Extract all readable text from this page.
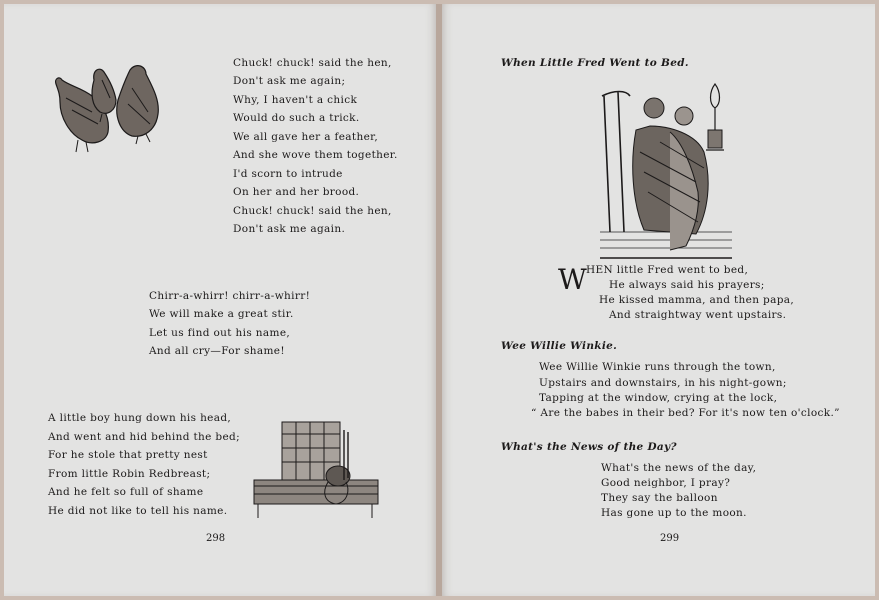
Chuck! chuck! said the hen,
Don't ask me again;
Why, I haven't a chick
Would do such a trick.
We all gave her a feather,
And she wove them together.
I'd scorn to intrude
On her and her brood.
Chuck! chuck! said the hen,
Don't ask me again.
Chirr-a-whirr! chirr-a-whirr!
We will make a great stir.
Let us find out his name,
And all cry—For shame!
A little boy hung down his head,
And went and hid behind the bed;
For he stole that pretty nest
From little Robin Redbreast;
And he felt so full of shame
He did not like to tell his name.
298
When Little Fred Went to Bed.
W HEN little Fred went to bed,
He always said his prayers;
He kissed mamma, and then papa,
And straightway went upstairs.
Wee Willie Winkie.
Wee Willie Winkie runs through the town,
Upstairs and downstairs, in his night-gown;
Tapping at the window, crying at the lock,
“ Are the babes in their bed? For it's now ten o'clock.”
What's the News of the Day?
What's the news of the day,
Good neighbor, I pray?
They say the balloon
Has gone up to the moon.
299
